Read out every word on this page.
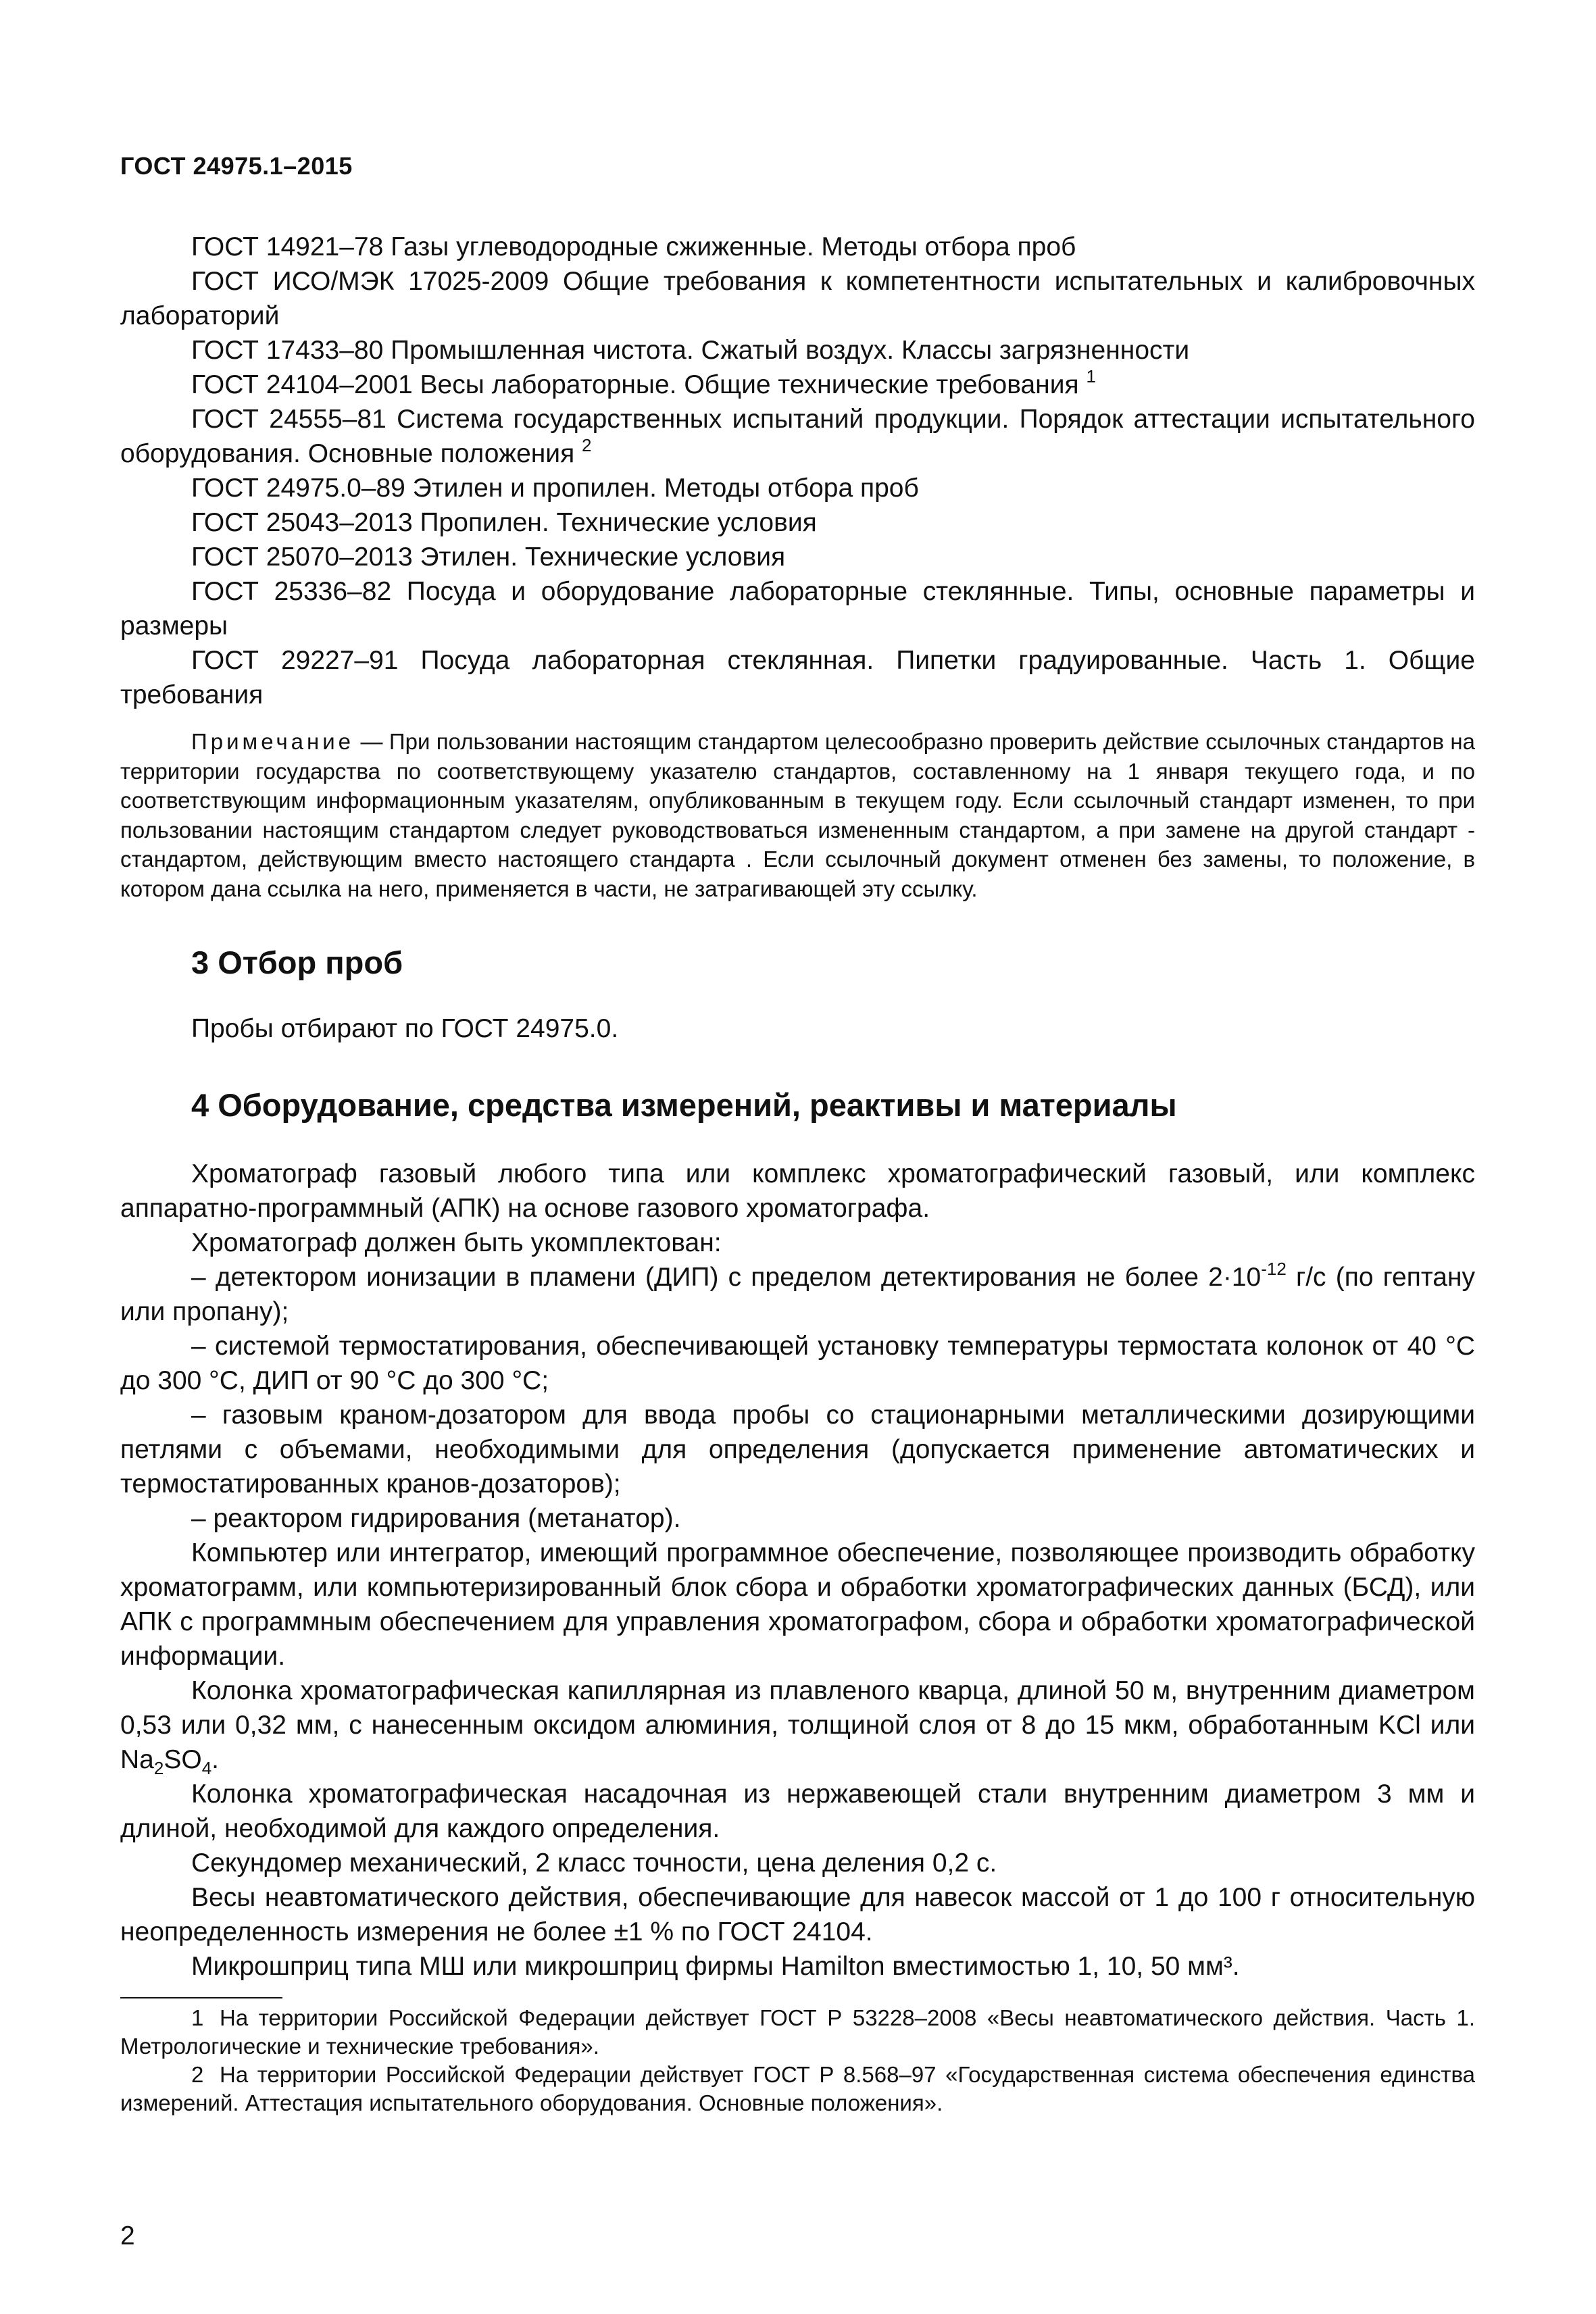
ГОСТ 24975.1–2015

ГОСТ 14921–78 Газы углеводородные сжиженные. Методы отбора проб

ГОСТ ИСО/МЭК 17025-2009 Общие требования к компетентности испытательных и калибровочных лабораторий

ГОСТ 17433–80 Промышленная чистота. Сжатый воздух. Классы загрязненности

ГОСТ 24104–2001 Весы лабораторные. Общие технические требования $^1$

ГОСТ 24555–81 Система государственных испытаний продукции. Порядок аттестации испытательного оборудования. Основные положения $^2$

ГОСТ 24975.0–89 Этилен и пропилен. Методы отбора проб

ГОСТ 25043–2013 Пропилен. Технические условия

ГОСТ 25070–2013 Этилен. Технические условия

ГОСТ 25336–82 Посуда и оборудование лабораторные стеклянные. Типы, основные параметры и размеры

ГОСТ 29227–91 Посуда лабораторная стеклянная. Пипетки градуированные. Часть 1. Общие требования

Примечание — При пользовании настоящим стандартом целесообразно проверить действие ссылочных стандартов на территории государства по соответствующему указателю стандартов, составленному на 1 января текущего года, и по соответствующим информационным указателям, опубликованным в текущем году. Если ссылочный стандарт изменен, то при пользовании настоящим стандартом следует руководствоваться измененным стандартом, а при замене на другой стандарт - стандартом, действующим вместо настоящего стандарта . Если ссылочный документ отменен без замены, то положение, в котором дана ссылка на него, применяется в части, не затрагивающей эту ссылку.

3 Отбор проб

Пробы отбирают по ГОСТ 24975.0.

4 Оборудование, средства измерений, реактивы и материалы

Хроматограф газовый любого типа или комплекс хроматографический газовый, или комплекс аппаратно-программный (АПК) на основе газового хроматографа.

Хроматограф должен быть укомплектован:

– детектором ионизации в пламени (ДИП) с пределом детектирования не более $2\cdot 10^{-12}$ г/с (по гептану или пропану);

– системой термостатирования, обеспечивающей установку температуры термостата колонок от 40 °С до 300 °С, ДИП от 90 °С до 300 °С;

– газовым краном-дозатором для ввода пробы со стационарными металлическими дозирующими петлями с объемами, необходимыми для определения (допускается применение автоматических и термостатированных кранов-дозаторов);

– реактором гидрирования (метанатор).

Компьютер или интегратор, имеющий программное обеспечение, позволяющее производить обработку хроматограмм, или компьютеризированный блок сбора и обработки хроматографических данных (БСД), или АПК с программным обеспечением для управления хроматографом, сбора и обработки хроматографической информации.

Колонка хроматографическая капиллярная из плавленого кварца, длиной 50 м, внутренним диаметром 0,53 или 0,32 мм, с нанесенным оксидом алюминия, толщиной слоя от 8 до 15 мкм, обработанным KCl или $Na_2SO_4$.

Колонка хроматографическая насадочная из нержавеющей стали внутренним диаметром 3 мм и длиной, необходимой для каждого определения.

Секундомер механический, 2 класс точности, цена деления 0,2 с.

Весы неавтоматического действия, обеспечивающие для навесок массой от 1 до 100 г относительную неопределенность измерения не более ±1 % по ГОСТ 24104.

Микрошприц типа МШ или микрошприц фирмы Hamilton вместимостью 1, 10, 50 мм³.

1 На территории Российской Федерации действует ГОСТ Р 53228–2008 «Весы неавтоматического действия. Часть 1. Метрологические и технические требования».

2 На территории Российской Федерации действует ГОСТ Р 8.568–97 «Государственная система обеспечения единства измерений. Аттестация испытательного оборудования. Основные положения».

2
